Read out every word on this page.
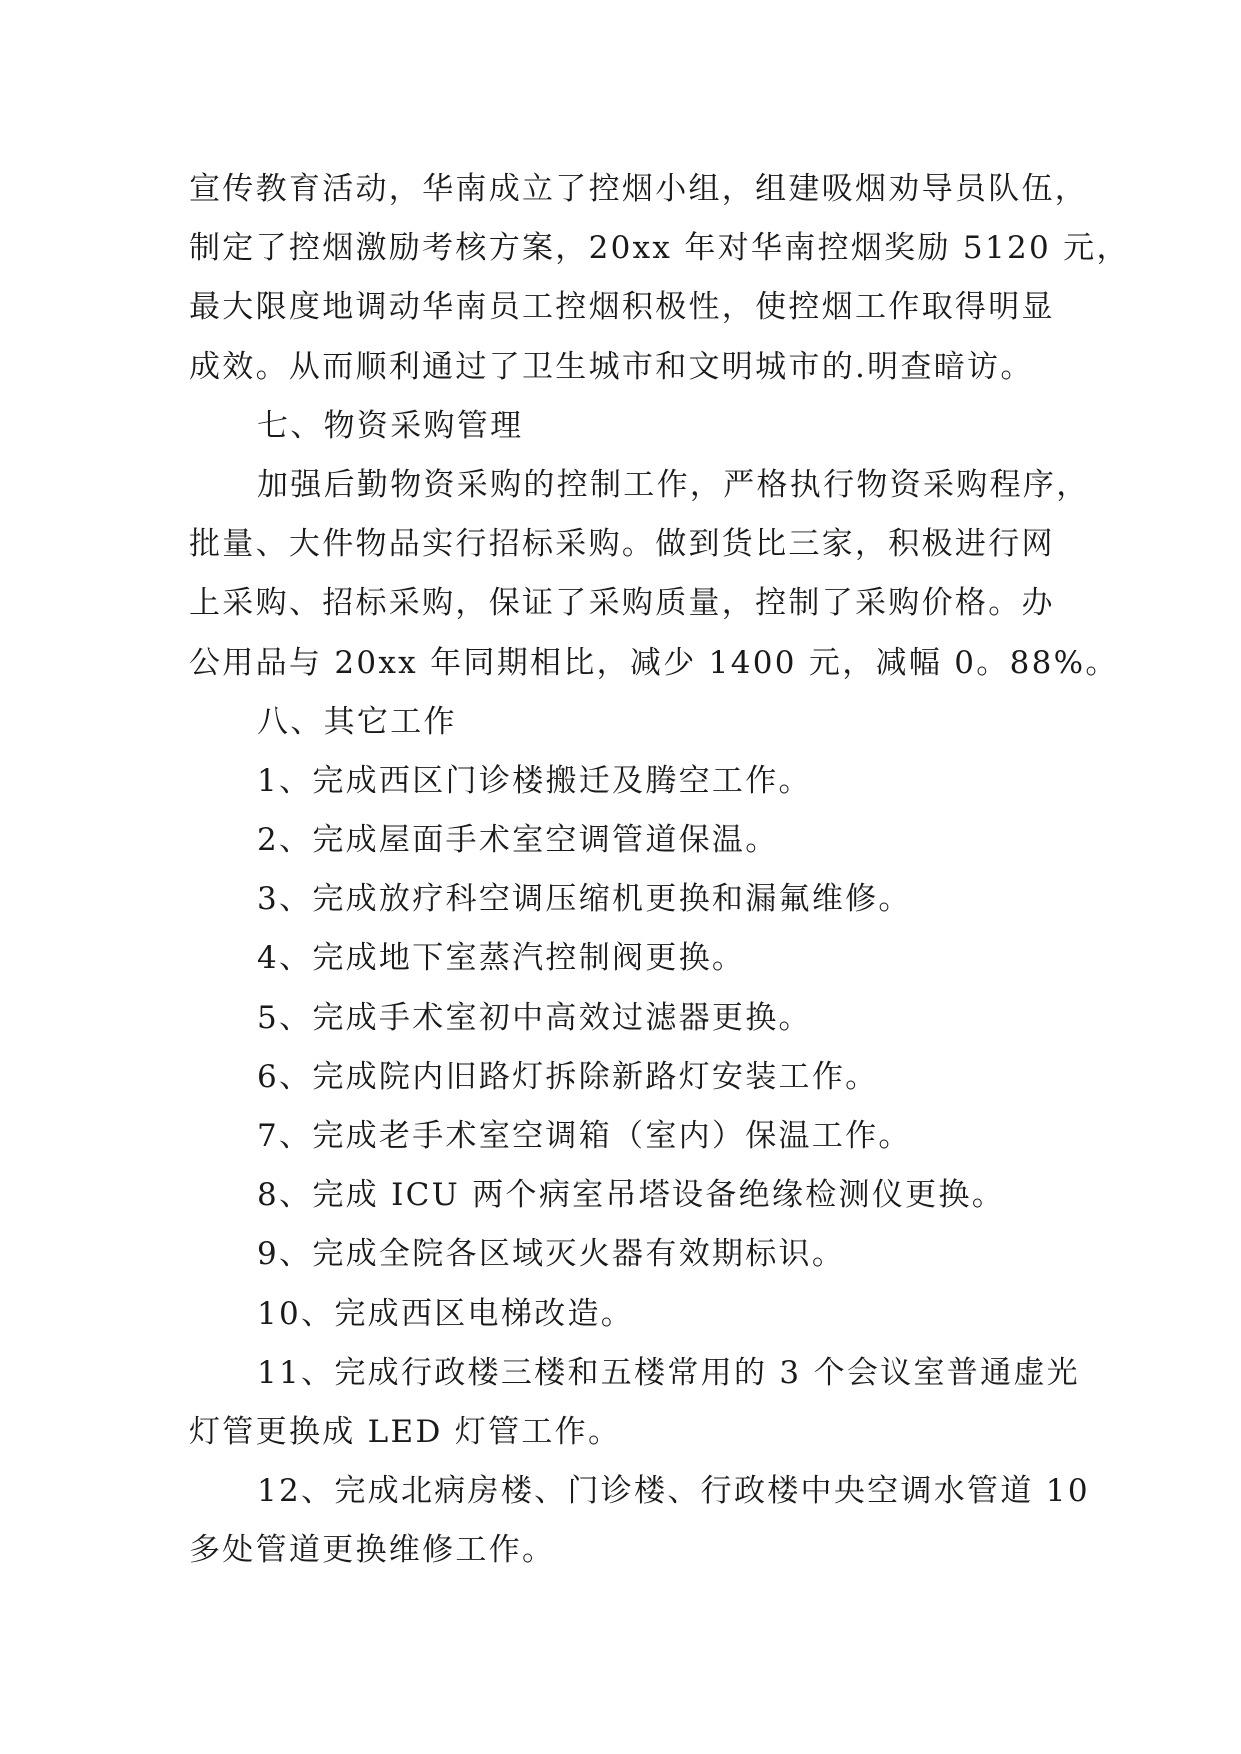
宣传教育活动，华南成立了控烟小组，组建吸烟劝导员队伍，
制定了控烟激励考核方案，20xx 年对华南控烟奖励 5120 元，
最大限度地调动华南员工控烟积极性，使控烟工作取得明显
成效。从而顺利通过了卫生城市和文明城市的.明查暗访。
七、物资采购管理
加强后勤物资采购的控制工作，严格执行物资采购程序，
批量、大件物品实行招标采购。做到货比三家，积极进行网
上采购、招标采购，保证了采购质量，控制了采购价格。办
公用品与 20xx 年同期相比，减少 1400 元，减幅 0。88%。
八、其它工作
1、完成西区门诊楼搬迁及腾空工作。
2、完成屋面手术室空调管道保温。
3、完成放疗科空调压缩机更换和漏氟维修。
4、完成地下室蒸汽控制阀更换。
5、完成手术室初中高效过滤器更换。
6、完成院内旧路灯拆除新路灯安装工作。
7、完成老手术室空调箱（室内）保温工作。
8、完成 ICU 两个病室吊塔设备绝缘检测仪更换。
9、完成全院各区域灭火器有效期标识。
10、完成西区电梯改造。
11、完成行政楼三楼和五楼常用的 3 个会议室普通虚光
灯管更换成 LED 灯管工作。
12、完成北病房楼、门诊楼、行政楼中央空调水管道 10
多处管道更换维修工作。
